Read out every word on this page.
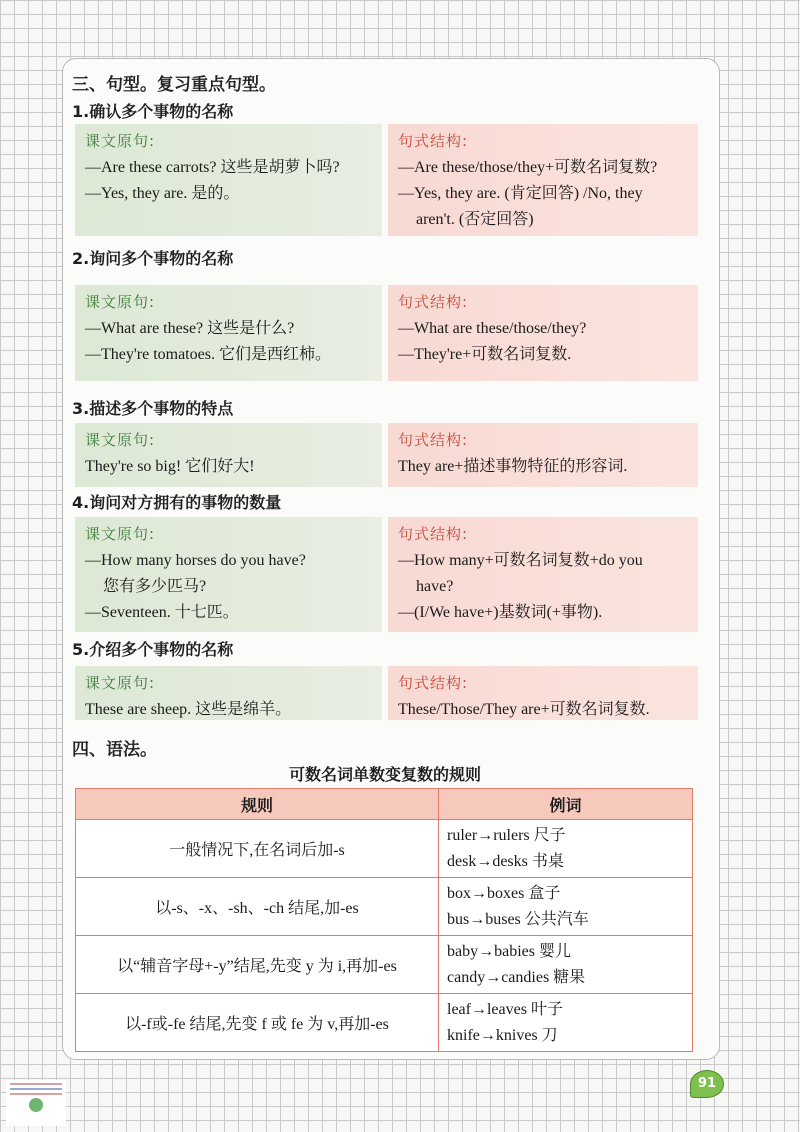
三、句型。复习重点句型。
1.确认多个事物的名称
课文原句:
—Are these carrots? 这些是胡萝卜吗?
—Yes, they are. 是的。
句式结构:
—Are these/those/they+可数名词复数?
—Yes, they are. (肯定回答) /No, they
aren't. (否定回答)
2.询问多个事物的名称
课文原句:
—What are these? 这些是什么?
—They're tomatoes. 它们是西红柿。
句式结构:
—What are these/those/they?
—They're+可数名词复数.
3.描述多个事物的特点
课文原句:
They're so big! 它们好大!
句式结构:
They are+描述事物特征的形容词.
4.询问对方拥有的事物的数量
课文原句:
—How many horses do you have?
您有多少匹马?
—Seventeen. 十七匹。
句式结构:
—How many+可数名词复数+do you
have?
—(I/We have+)基数词(+事物).
5.介绍多个事物的名称
课文原句:
These are sheep. 这些是绵羊。
句式结构:
These/Those/They are+可数名词复数.
四、语法。
可数名词单数变复数的规则
规则	例词
一般情况下,在名词后加-s	ruler→rulers 尺子
desk→desks 书桌

以-s、-x、-sh、-ch 结尾,加-es	box→boxes 盒子
bus→buses 公共汽车

以“辅音字母+-y”结尾,先变 y 为 i,再加-es	baby→babies 婴儿
candy→candies 糖果

以-f或-fe 结尾,先变 f 或 fe 为 v,再加-es	leaf→leaves 叶子
knife→knives 刀
91
